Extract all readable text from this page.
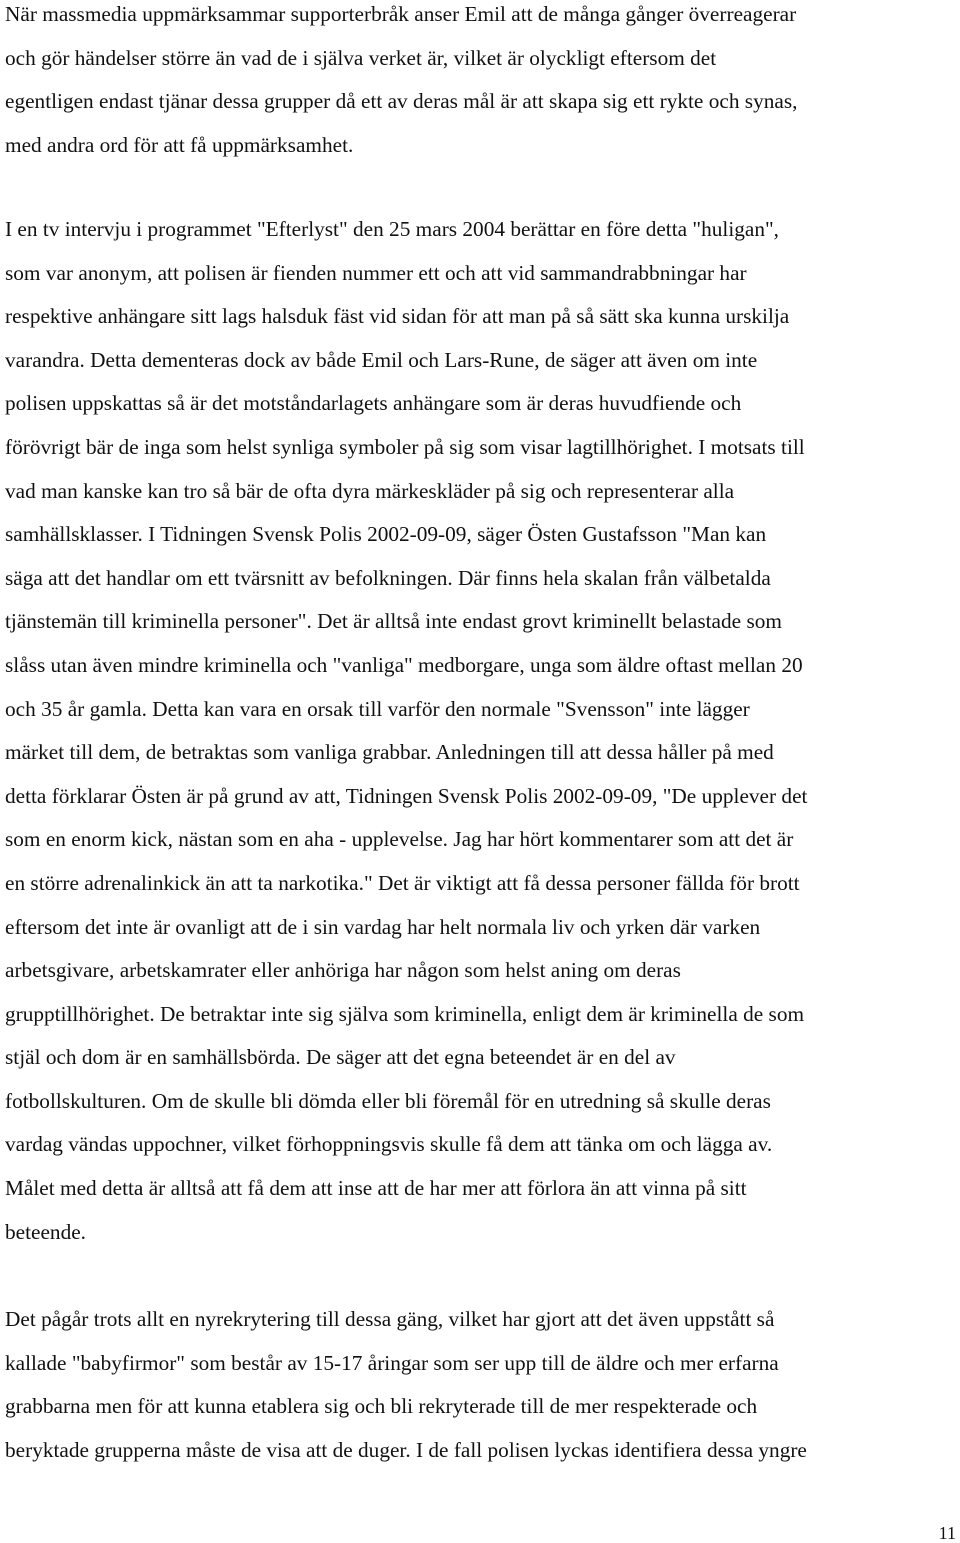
När massmedia uppmärksammar supporterbråk anser Emil att de många gånger överreagerar
och gör händelser större än vad de i själva verket är, vilket är olyckligt eftersom det
egentligen endast tjänar dessa grupper då ett av deras mål är att skapa sig ett rykte och synas,
med andra ord för att få uppmärksamhet.

I en tv intervju i programmet "Efterlyst" den 25 mars 2004 berättar en före detta "huligan",
som var anonym, att polisen är fienden nummer ett och att vid sammandrabbningar har
respektive anhängare sitt lags halsduk fäst vid sidan för att man på så sätt ska kunna urskilja
varandra. Detta dementeras dock av både Emil och Lars-Rune, de säger att även om inte
polisen uppskattas så är det motståndarlagets anhängare som är deras huvudfiende och
förövrigt bär de inga som helst synliga symboler på sig som visar lagtillhörighet. I motsats till
vad man kanske kan tro så bär de ofta dyra märkeskläder på sig och representerar alla
samhällsklasser. I Tidningen Svensk Polis 2002-09-09, säger Östen Gustafsson "Man kan
säga att det handlar om ett tvärsnitt av befolkningen. Där finns hela skalan från välbetalda
tjänstemän till kriminella personer". Det är alltså inte endast grovt kriminellt belastade som
slåss utan även mindre kriminella och "vanliga" medborgare, unga som äldre oftast mellan 20
och 35 år gamla. Detta kan vara en orsak till varför den normale "Svensson" inte lägger
märket till dem, de betraktas som vanliga grabbar. Anledningen till att dessa håller på med
detta förklarar Östen är på grund av att, Tidningen Svensk Polis 2002-09-09, "De upplever det
som en enorm kick, nästan som en aha - upplevelse. Jag har hört kommentarer som att det är
en större adrenalinkick än att ta narkotika." Det är viktigt att få dessa personer fällda för brott
eftersom det inte är ovanligt att de i sin vardag har helt normala liv och yrken där varken
arbetsgivare, arbetskamrater eller anhöriga har någon som helst aning om deras
grupptillhörighet. De betraktar inte sig själva som kriminella, enligt dem är kriminella de som
stjäl och dom är en samhällsbörda. De säger att det egna beteendet är en del av
fotbollskulturen. Om de skulle bli dömda eller bli föremål för en utredning så skulle deras
vardag vändas uppochner, vilket förhoppningsvis skulle få dem att tänka om och lägga av.
Målet med detta är alltså att få dem att inse att de har mer att förlora än att vinna på sitt
beteende.

Det pågår trots allt en nyrekrytering till dessa gäng, vilket har gjort att det även uppstått så
kallade "babyfirmor" som består av 15-17 åringar som ser upp till de äldre och mer erfarna
grabbarna men för att kunna etablera sig och bli rekryterade till de mer respekterade och
beryktade grupperna måste de visa att de duger. I de fall polisen lyckas identifiera dessa yngre

11
